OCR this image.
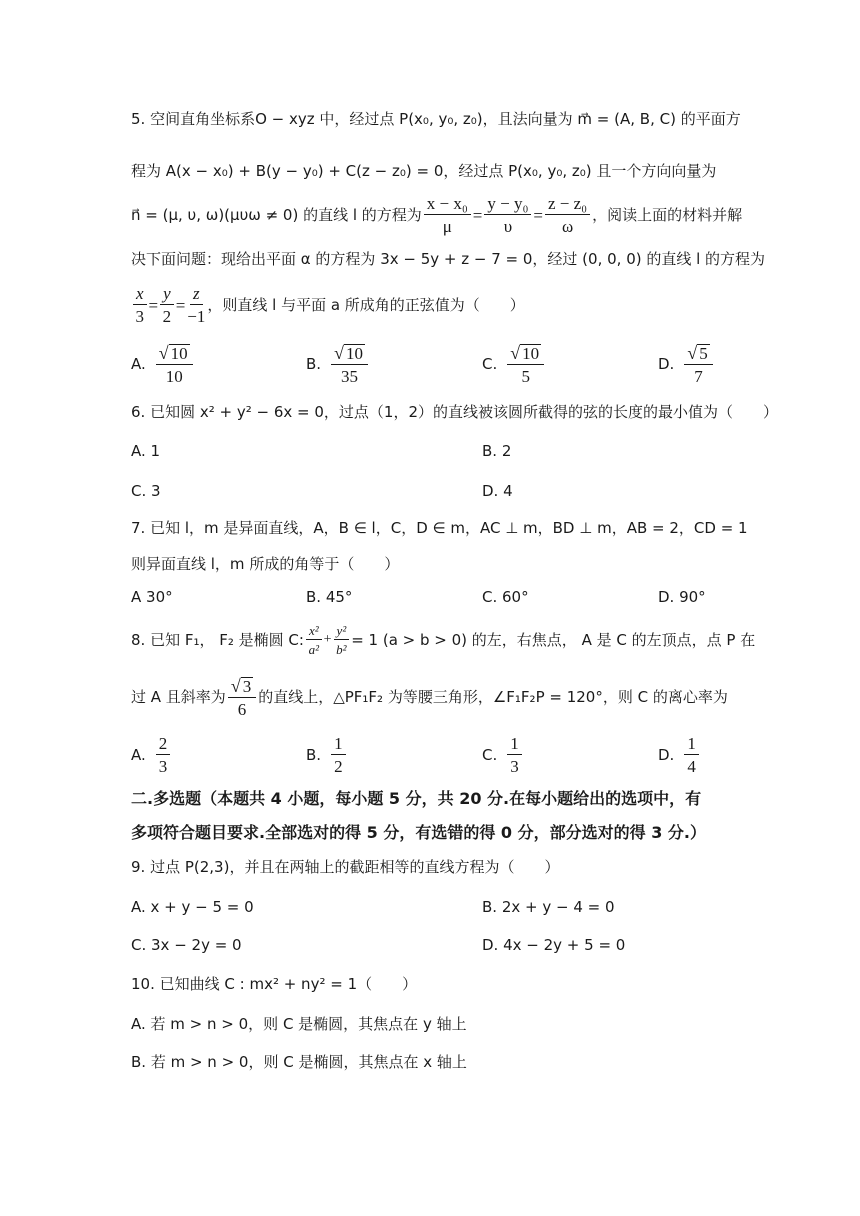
5. 空间直角坐标系O − xyz 中，经过点 P(x₀, y₀, z₀)，且法向量为 m⃗ = (A, B, C) 的平面方
程为 A(x − x₀) + B(y − y₀) + C(z − z₀) = 0，经过点 P(x₀, y₀, z₀) 且一个方向向量为
n⃗ = (μ, υ, ω)(μυω ≠ 0) 的直线 l 的方程为 $\frac{\text{x − x₀}}{\mu} = \frac{\text{y − y₀}}{\upsilon} = \frac{\text{z − z₀}}{\omega}$ ，阅读上面的材料并解
决下面问题：现给出平面 α 的方程为 3x − 5y + z − 7 = 0，经过 (0, 0, 0) 的直线 l 的方程为
$\frac{x}{3} = \frac{y}{2} = \frac{z}{-1}$ ，则直线 l 与平面 a 所成角的正弦值为（　　）
A. $\frac{√ 10}{10}$	B. $\frac{√ 10}{35}$	C. $\frac{√ 10}{5}$	D. $\frac{√ 5}{7}$
6. 已知圆 x² + y² − 6x = 0，过点（1，2）的直线被该圆所截得的弦的长度的最小值为（　　）
A. 1	B. 2
C. 3	D. 4
7. 已知 l，m 是异面直线，A，B ∈ l，C，D ∈ m，AC ⊥ m，BD ⊥ m，AB = 2，CD = 1
则异面直线 l，m 所成的角等于（　　）
A 30°	B. 45°	C. 60°	D. 90°
8. 已知 F₁， F₂ 是椭圆 C: $\frac{\text{x²}}{\text{a²}} + \frac{\text{y²}}{\text{b²}} = 1$ (a > b > 0) 的左，右焦点， A 是 C 的左顶点，点 P 在
过 A 且斜率为 $\frac{√ 3}{6}$ 的直线上，△PF₁F₂ 为等腰三角形，∠F₁F₂P = 120°，则 C 的离心率为
A. $\frac{2}{3}$	B. $\frac{1}{2}$	C. $\frac{1}{3}$	D. $\frac{1}{4}$
二.多选题（本题共 4 小题，每小题 5 分，共 20 分.在每小题给出的选项中，有
多项符合题目要求.全部选对的得 5 分，有选错的得 0 分，部分选对的得 3 分.）
9. 过点 P(2,3)，并且在两轴上的截距相等的直线方程为（　　）
A. x + y − 5 = 0	B. 2x + y − 4 = 0
C. 3x − 2y = 0	D. 4x − 2y + 5 = 0
10. 已知曲线 C : mx² + ny² = 1（　　）
A. 若 m > n > 0，则 C 是椭圆，其焦点在 y 轴上
B. 若 m > n > 0，则 C 是椭圆，其焦点在 x 轴上
